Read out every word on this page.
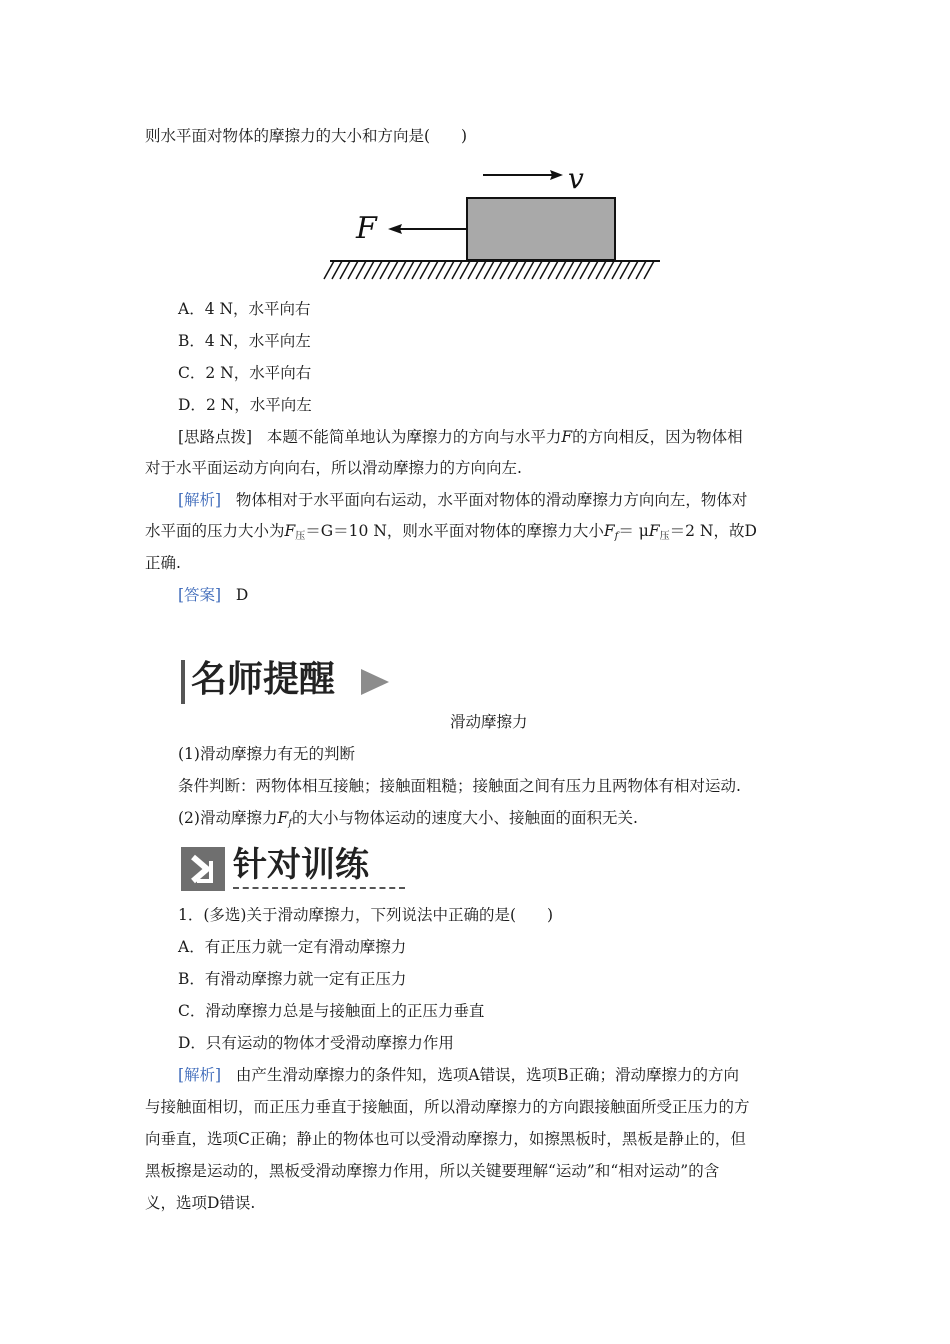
则水平面对物体的摩擦力的大小和方向是(　　)
v
F
A．4 N，水平向右
B．4 N，水平向左
C．2 N，水平向右
D．2 N，水平向左
[思路点拨] 本题不能简单地认为摩擦力的方向与水平力F的方向相反，因为物体相
对于水平面运动方向向右，所以滑动摩擦力的方向向左.
[解析] 物体相对于水平面向右运动，水平面对物体的滑动摩擦力方向向左，物体对
水平面的压力大小为F压＝G＝10 N，则水平面对物体的摩擦力大小Ff＝ μF压＝2 N，故D
正确.
[答案] D
名师提醒
滑动摩擦力
(1)滑动摩擦力有无的判断
条件判断：两物体相互接触；接触面粗糙；接触面之间有压力且两物体有相对运动.
(2)滑动摩擦力Ff的大小与物体运动的速度大小、接触面的面积无关.
针对训练
1．(多选)关于滑动摩擦力，下列说法中正确的是(　　)
A．有正压力就一定有滑动摩擦力
B．有滑动摩擦力就一定有正压力
C．滑动摩擦力总是与接触面上的正压力垂直
D．只有运动的物体才受滑动摩擦力作用
[解析] 由产生滑动摩擦力的条件知，选项A错误，选项B正确；滑动摩擦力的方向
与接触面相切，而正压力垂直于接触面，所以滑动摩擦力的方向跟接触面所受正压力的方
向垂直，选项C正确；静止的物体也可以受滑动摩擦力，如擦黑板时，黑板是静止的，但
黑板擦是运动的，黑板受滑动摩擦力作用，所以关键要理解“运动”和“相对运动”的含
义，选项D错误.
